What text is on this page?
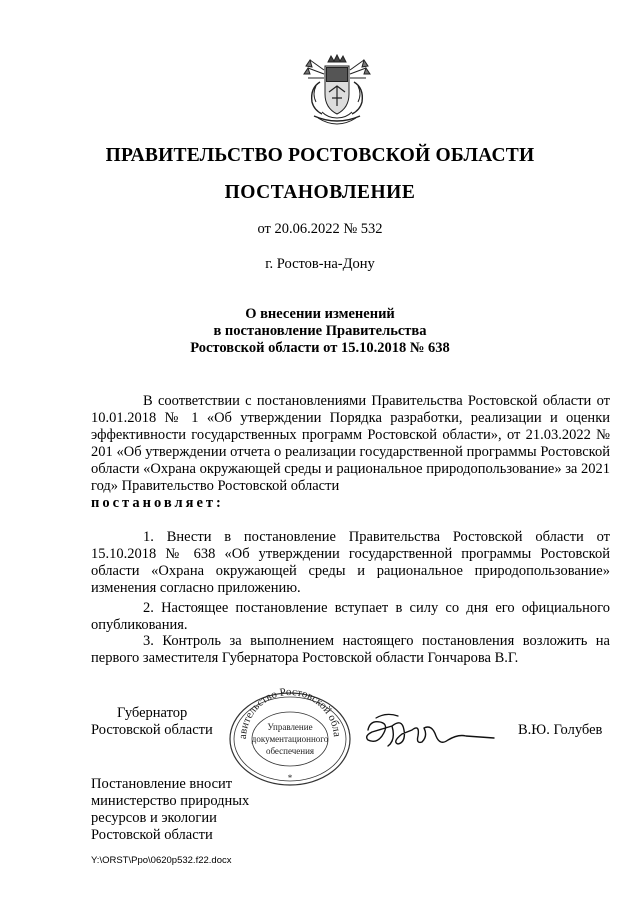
ПРАВИТЕЛЬСТВО РОСТОВСКОЙ ОБЛАСТИ
ПОСТАНОВЛЕНИЕ
от 20.06.2022 № 532
г. Ростов-на-Дону
О внесении изменений
в постановление Правительства
Ростовской области от 15.10.2018 № 638
В соответствии с постановлениями Правительства Ростовской области от 10.01.2018 № 1 «Об утверждении Порядка разработки, реализации и оценки эффективности государственных программ Ростовской области», от 21.03.2022 № 201 «Об утверждении отчета о реализации государственной программы Ростовской области «Охрана окружающей среды и рациональное природопользование» за 2021 год» Правительство Ростовской области
постановляет:
1. Внести в постановление Правительства Ростовской области от 15.10.2018 № 638 «Об утверждении государственной программы Ростовской области «Охрана окружающей среды и рациональное природопользование» изменения согласно приложению.
2. Настоящее постановление вступает в силу со дня его официального опубликования.
3. Контроль за выполнением настоящего постановления возложить на первого заместителя Губернатора Ростовской области Гончарова В.Г.
Губернатор
Ростовской области	авительство Ростовской обла
Управление
документационного
обеспечения
*
В.Ю. Голубев
Постановление вносит
министерство природных
ресурсов и экологии
Ростовской области
Y:\ORST\Ppo\0620p532.f22.docx
